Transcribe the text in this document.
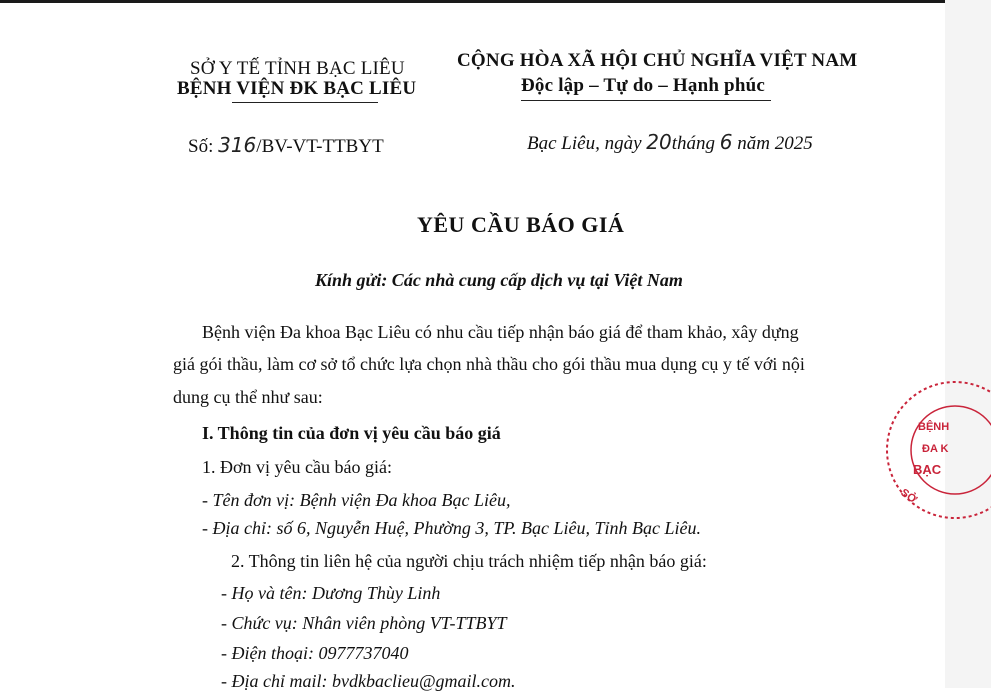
SỞ Y TẾ TỈNH BẠC LIÊU
BỆNH VIỆN ĐK BẠC LIÊU
CỘNG HÒA XÃ HỘI CHỦ NGHĨA VIỆT NAM
Độc lập – Tự do – Hạnh phúc
Số: 316/BV-VT-TTBYT	Bạc Liêu, ngày 20tháng 6 năm 2025
YÊU CẦU BÁO GIÁ
Kính gửi: Các nhà cung cấp dịch vụ tại Việt Nam
Bệnh viện Đa khoa Bạc Liêu có nhu cầu tiếp nhận báo giá để tham khảo, xây dựng
giá gói thầu, làm cơ sở tổ chức lựa chọn nhà thầu cho gói thầu mua dụng cụ y tế với nội
dung cụ thể như sau:
I. Thông tin của đơn vị yêu cầu báo giá
1. Đơn vị yêu cầu báo giá:
- Tên đơn vị: Bệnh viện Đa khoa Bạc Liêu,
- Địa chỉ: số 6, Nguyễn Huệ, Phường 3, TP. Bạc Liêu, Tỉnh Bạc Liêu.
2. Thông tin liên hệ của người chịu trách nhiệm tiếp nhận báo giá:
- Họ và tên: Dương Thùy Linh
- Chức vụ: Nhân viên phòng VT-TTBYT
- Điện thoại: 0977737040
- Địa chỉ mail: bvdkbaclieu@gmail.com.
BỆNH
ĐA K
BẠC
SỞ
